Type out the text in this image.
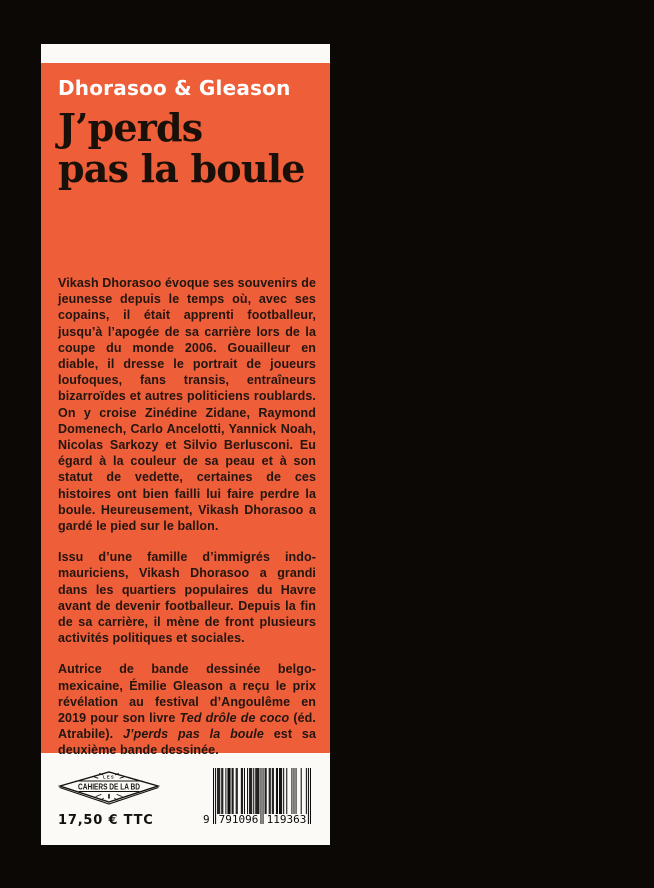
Dhorasoo & Gleason

J’perds
pas la boule

Vikash Dhorasoo évoque ses souvenirs de jeunesse depuis le temps où, avec ses copains, il était apprenti footballeur, jusqu’à l’apogée de sa carrière lors de la coupe du monde 2006. Gouailleur en diable, il dresse le portrait de joueurs loufoques, fans transis, entraîneurs bizarroïdes et autres politiciens roublards. On y croise Zinédine Zidane, Raymond Domenech, Carlo Ancelotti, Yannick Noah, Nicolas Sarkozy et Silvio Berlusconi. Eu égard à la couleur de sa peau et à son statut de vedette, certaines de ces histoires ont bien failli lui faire perdre la boule. Heureusement, Vikash Dhorasoo a gardé le pied sur le ballon.

Issu d’une famille d’immigrés indo-mauriciens, Vikash Dhorasoo a grandi dans les quartiers populaires du Havre avant de devenir footballeur. Depuis la fin de sa carrière, il mène de front plusieurs activités politiques et sociales.

Autrice de bande dessinée belgo-mexicaine, Émilie Gleason a reçu le prix révélation au festival d’Angoulême en 2019 pour son livre Ted drôle de coco (éd. Atrabile). J’perds pas la boule est sa deuxième bande dessinée.

LES
CAHIERS DE LA BD
17,50 € TTC	9 791096 119363
